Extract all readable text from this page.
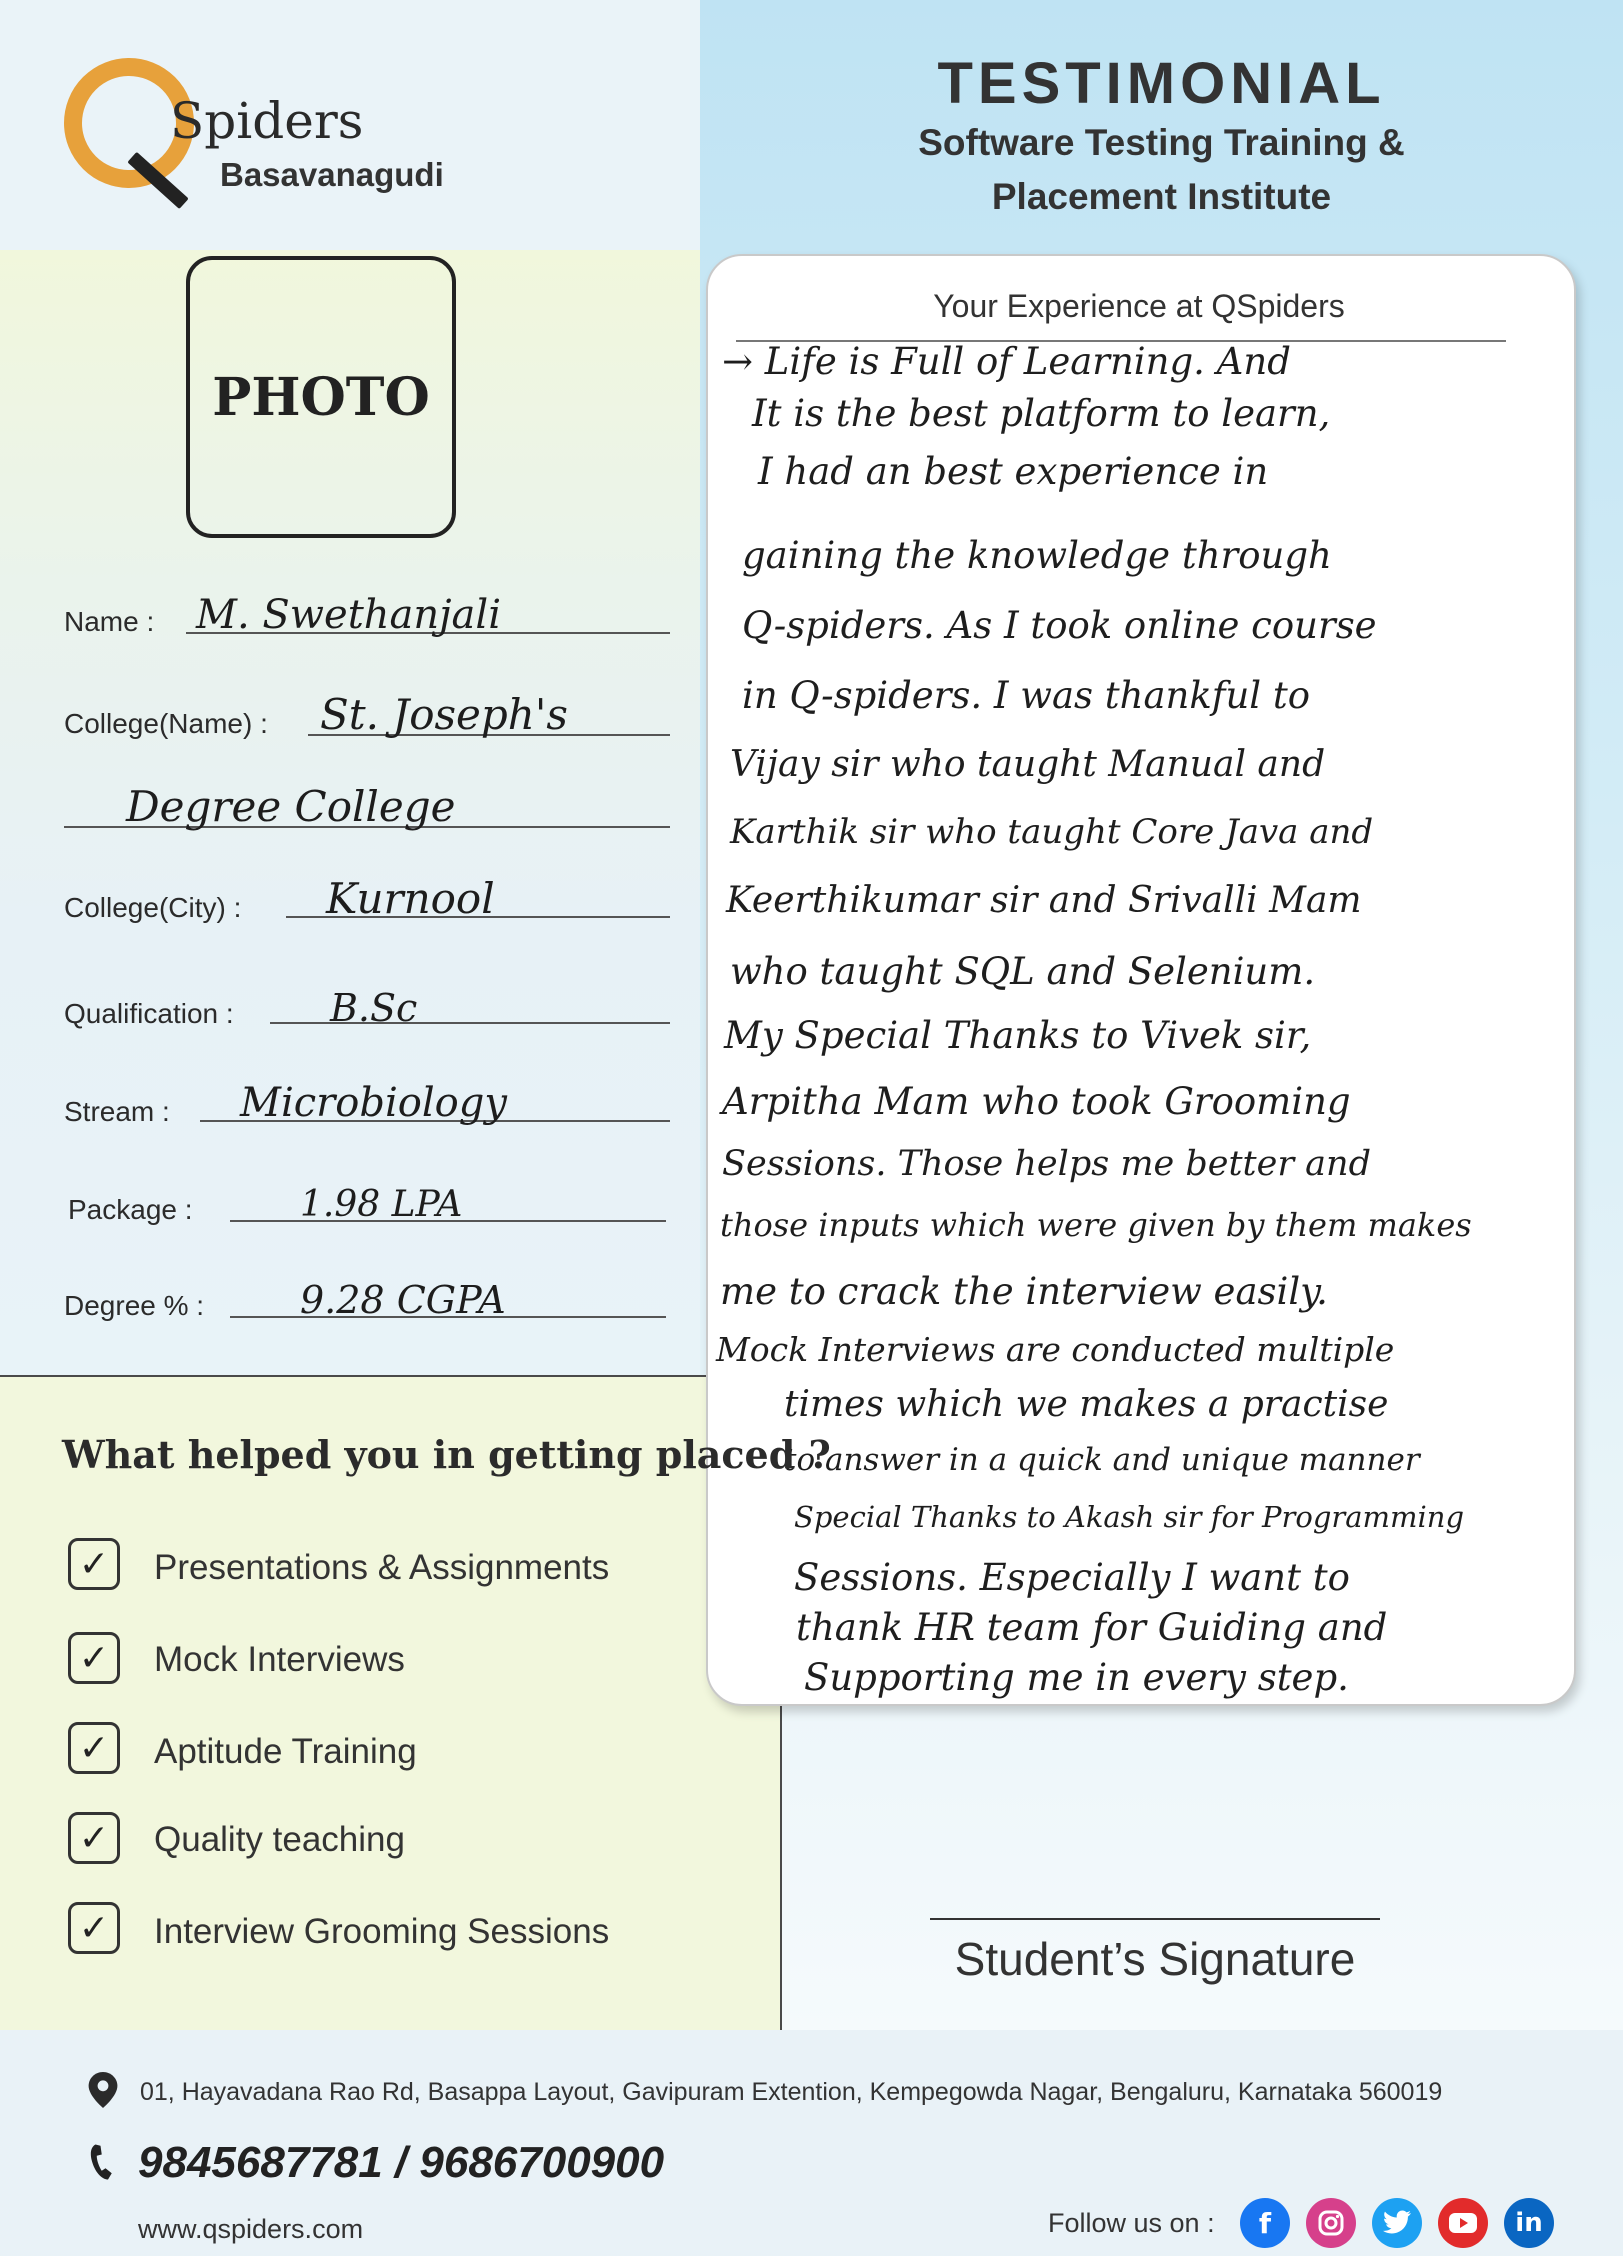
Spiders
Basavanagudi
TESTIMONIAL
Software Testing Training &
Placement Institute
PHOTO
Name : M. Swethanjali
College(Name) : St. Joseph's
Degree College
College(City) : Kurnool
Qualification :	B.Sc
Stream : Microbiology
Package :	1.98 LPA
Degree % :	9.28 CGPA
Your Experience at QSpiders
→ Life is Full of Learning. And
It is the best platform to learn,
I had an best experience in
gaining the knowledge through
Q-spiders. As I took online course
in Q-spiders. I was thankful to
Vijay sir who taught Manual and
Karthik sir who taught Core Java and
Keerthikumar sir and Srivalli Mam
who taught SQL and Selenium.
My Special Thanks to Vivek sir,
Arpitha Mam who took Grooming
Sessions. Those helps me better and
those inputs which were given by them makes
me to crack the interview easily.
Mock Interviews are conducted multiple
times which we makes a practise
to answer in a quick and unique manner
Special Thanks to Akash sir for Programming
Sessions. Especially I want to
thank HR team for Guiding and
Supporting me in every step.
What helped you in getting placed ?
✓	Presentations & Assignments
✓	Mock Interviews
✓	Aptitude Training
✓	Quality teaching
✓	Interview Grooming Sessions
Student’s Signature
01, Hayavadana Rao Rd, Basappa Layout, Gavipuram Extention, Kempegowda Nagar, Bengaluru, Karnataka 560019
9845687781 / 9686700900
www.qspiders.com	Follow us on :	f	in
